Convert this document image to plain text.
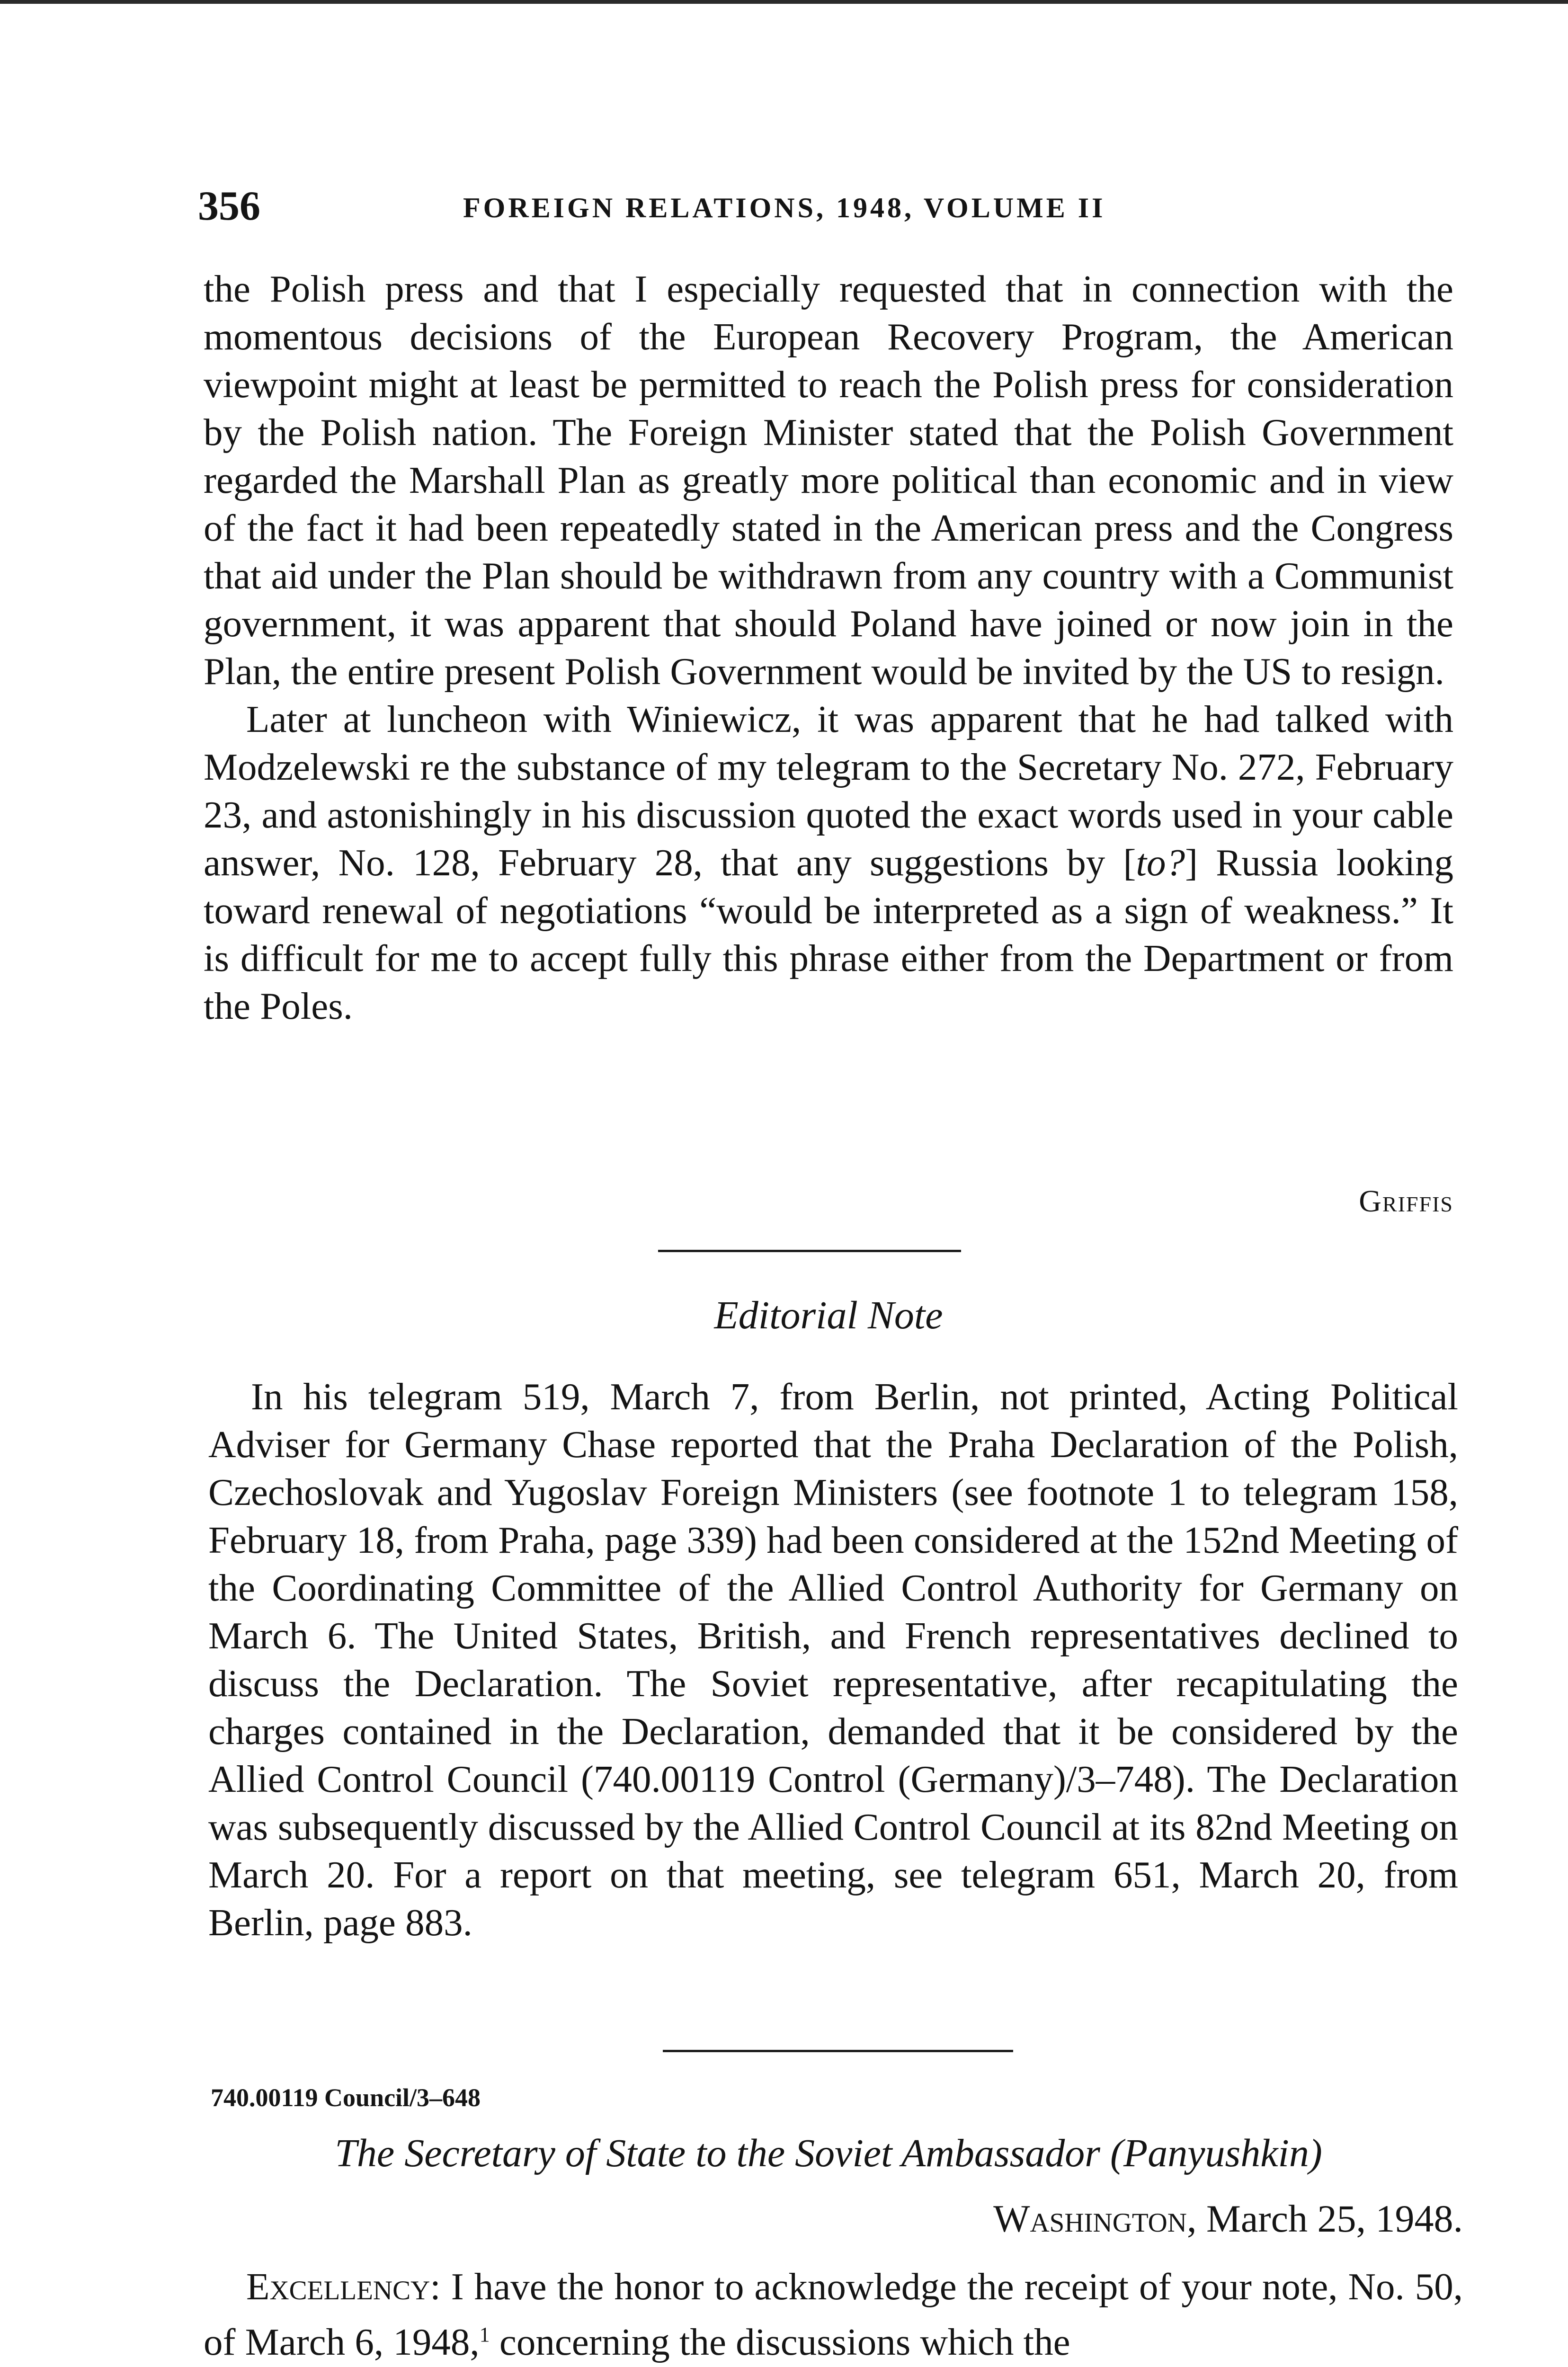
356	FOREIGN RELATIONS, 1948, VOLUME II

the Polish press and that I especially requested that in connection with the momentous decisions of the European Recovery Program, the American viewpoint might at least be permitted to reach the Polish press for consideration by the Polish nation. The Foreign Minister stated that the Polish Government regarded the Marshall Plan as greatly more political than economic and in view of the fact it had been repeatedly stated in the American press and the Congress that aid under the Plan should be withdrawn from any country with a Communist government, it was apparent that should Poland have joined or now join in the Plan, the entire present Polish Government would be invited by the US to resign.

Later at luncheon with Winiewicz, it was apparent that he had talked with Modzelewski re the substance of my telegram to the Secretary No. 272, February 23, and astonishingly in his discussion quoted the exact words used in your cable answer, No. 128, February 28, that any suggestions by [to?] Russia looking toward renewal of negotiations “would be interpreted as a sign of weakness.” It is difficult for me to accept fully this phrase either from the Department or from the Poles.

Griffis
Editorial Note

In his telegram 519, March 7, from Berlin, not printed, Acting Political Adviser for Germany Chase reported that the Praha Declaration of the Polish, Czechoslovak and Yugoslav Foreign Ministers (see footnote 1 to telegram 158, February 18, from Praha, page 339) had been considered at the 152nd Meeting of the Coordinating Committee of the Allied Control Authority for Germany on March 6. The United States, British, and French representatives declined to discuss the Declaration. The Soviet representative, after recapitulating the charges contained in the Declaration, demanded that it be considered by the Allied Control Council (740.00119 Control (Germany)/3–748). The Declaration was subsequently discussed by the Allied Control Council at its 82nd Meeting on March 20. For a report on that meeting, see telegram 651, March 20, from Berlin, page 883.

740.00119 Council/3–648
The Secretary of State to the Soviet Ambassador (Panyushkin)
Washington, March 25, 1948.

Excellency: I have the honor to acknowledge the receipt of your note, No. 50, of March 6, 1948,$^1$ concerning the discussions which the
